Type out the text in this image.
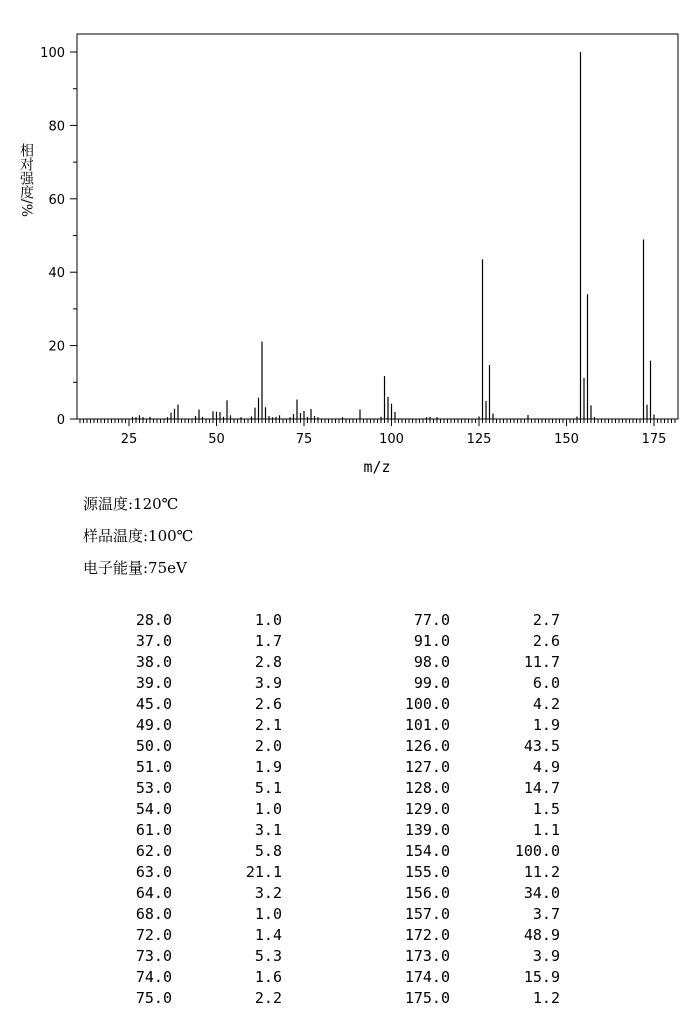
25	50	75	100	125	150	175
0
20
40
60
80
100
m/z
相对强度/%
源温度:120℃
样品温度:100℃
电子能量:75eV
28.0	1.0	77.0	2.7
37.0	1.7	91.0	2.6
38.0	2.8	98.0	11.7
39.0	3.9	99.0	6.0
45.0	2.6	100.0	4.2
49.0	2.1	101.0	1.9
50.0	2.0	126.0	43.5
51.0	1.9	127.0	4.9
53.0	5.1	128.0	14.7
54.0	1.0	129.0	1.5
61.0	3.1	139.0	1.1
62.0	5.8	154.0	100.0
63.0	21.1	155.0	11.2
64.0	3.2	156.0	34.0
68.0	1.0	157.0	3.7
72.0	1.4	172.0	48.9
73.0	5.3	173.0	3.9
74.0	1.6	174.0	15.9
75.0	2.2	175.0	1.2
